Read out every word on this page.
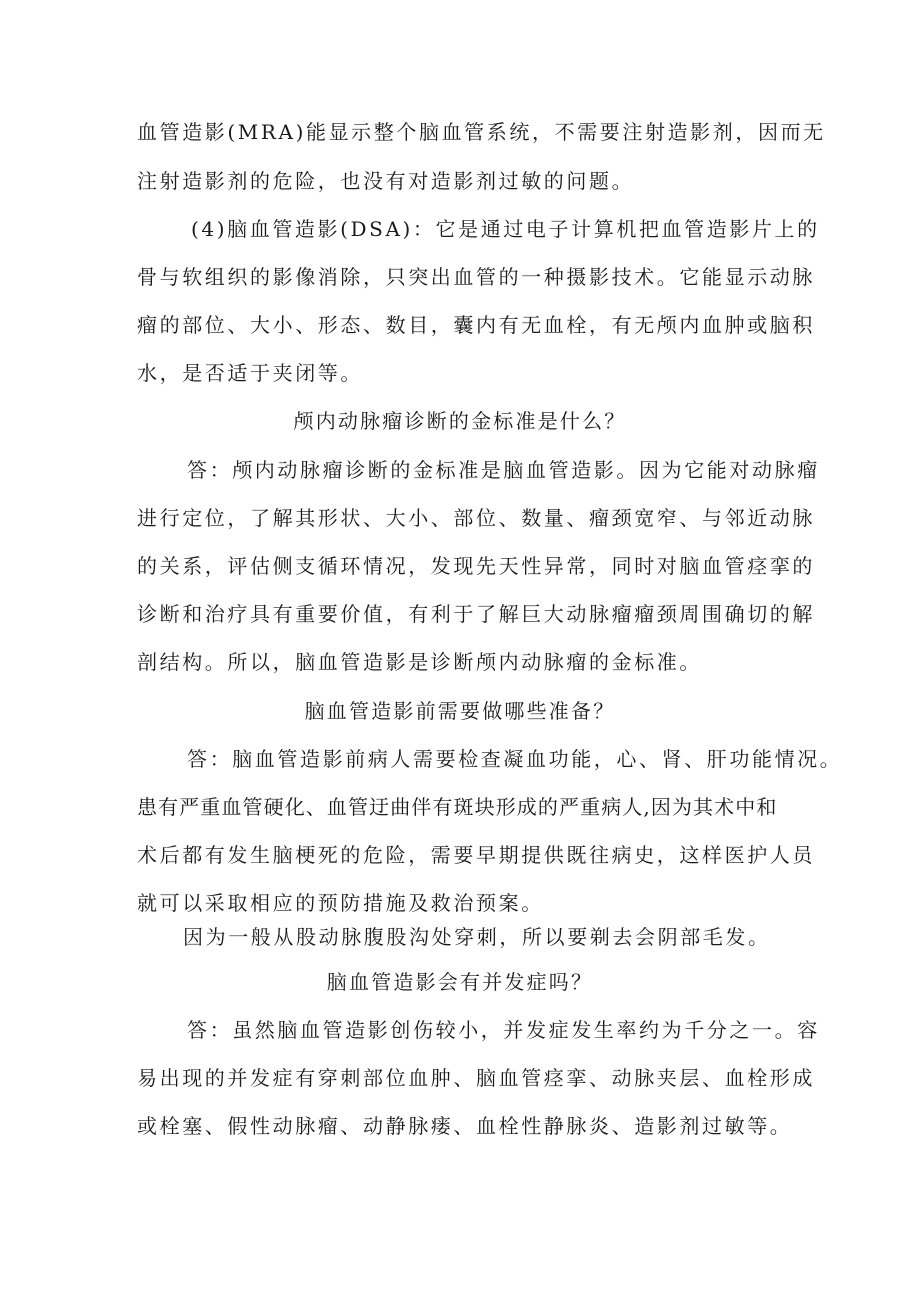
血管造影(MRA)能显示整个脑血管系统，不需要注射造影剂，因而无
注射造影剂的危险，也没有对造影剂过敏的问题。
(4)脑血管造影(DSA)：它是通过电子计算机把血管造影片上的
骨与软组织的影像消除，只突出血管的一种摄影技术。它能显示动脉
瘤的部位、大小、形态、数目，囊内有无血栓，有无颅内血肿或脑积
水，是否适于夹闭等。
颅内动脉瘤诊断的金标准是什么？
答：颅内动脉瘤诊断的金标准是脑血管造影。因为它能对动脉瘤
进行定位，了解其形状、大小、部位、数量、瘤颈宽窄、与邻近动脉
的关系，评估侧支循环情况，发现先天性异常，同时对脑血管痉挛的
诊断和治疗具有重要价值，有利于了解巨大动脉瘤瘤颈周围确切的解
剖结构。所以，脑血管造影是诊断颅内动脉瘤的金标准。
脑血管造影前需要做哪些准备？
答：脑血管造影前病人需要检查凝血功能，心、肾、肝功能情况。
患有严重血管硬化、血管迂曲伴有斑块形成的严重病人,因为其术中和
术后都有发生脑梗死的危险，需要早期提供既往病史，这样医护人员
就可以采取相应的预防措施及救治预案。
因为一般从股动脉腹股沟处穿刺，所以要剃去会阴部毛发。
脑血管造影会有并发症吗？
答：虽然脑血管造影创伤较小，并发症发生率约为千分之一。容
易出现的并发症有穿刺部位血肿、脑血管痉挛、动脉夹层、血栓形成
或栓塞、假性动脉瘤、动静脉瘘、血栓性静脉炎、造影剂过敏等。
